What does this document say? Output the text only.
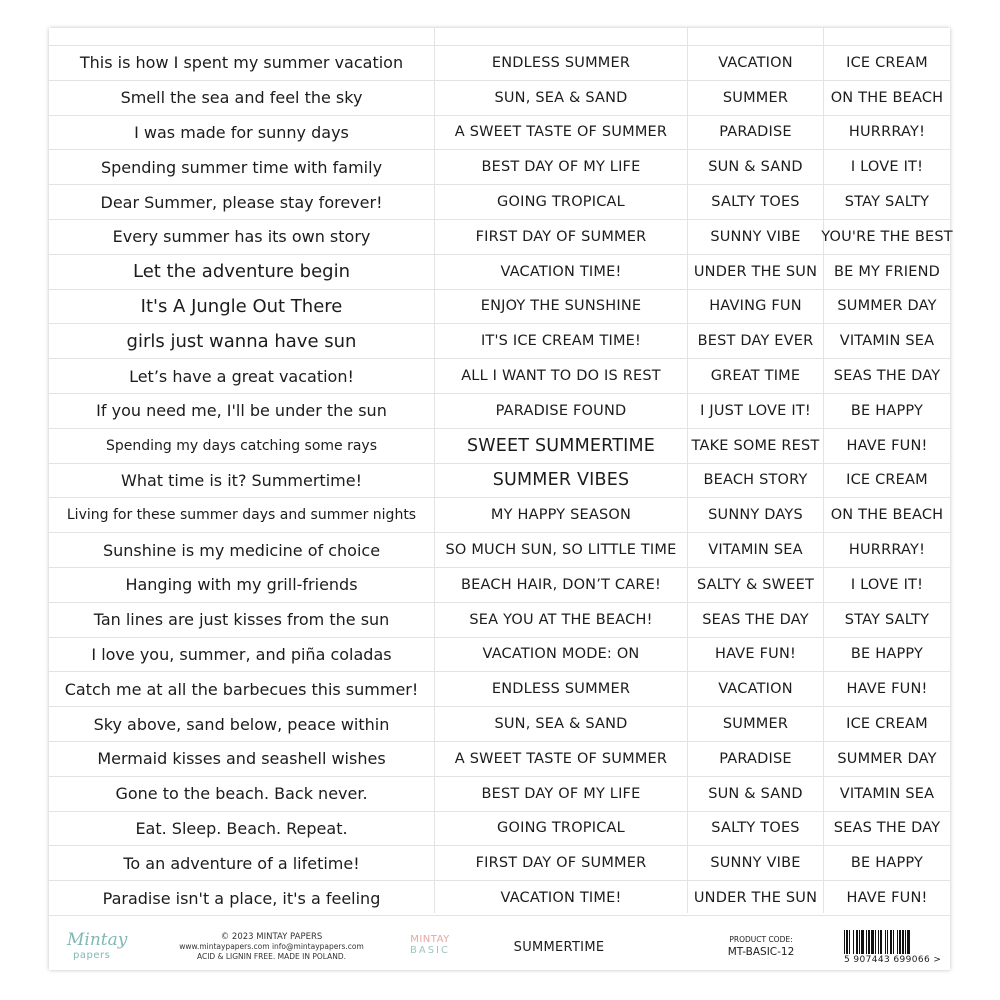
This is how I spent my summer vacation	ENDLESS SUMMER	VACATION	ICE CREAM
Smell the sea and feel the sky	SUN, SEA & SAND	SUMMER	ON THE BEACH
I was made for sunny days	A SWEET TASTE OF SUMMER	PARADISE	HURRRAY!
Spending summer time with family	BEST DAY OF MY LIFE	SUN & SAND	I LOVE IT!
Dear Summer, please stay forever!	GOING TROPICAL	SALTY TOES	STAY SALTY
Every summer has its own story	FIRST DAY OF SUMMER	SUNNY VIBE	YOU'RE THE BEST
Let the adventure begin	VACATION TIME!	UNDER THE SUN	BE MY FRIEND
It's A Jungle Out There	ENJOY THE SUNSHINE	HAVING FUN	SUMMER DAY
girls just wanna have sun	IT'S ICE CREAM TIME!	BEST DAY EVER	VITAMIN SEA
Let’s have a great vacation!	ALL I WANT TO DO IS REST	GREAT TIME	SEAS THE DAY
If you need me, I'll be under the sun	PARADISE FOUND	I JUST LOVE IT!	BE HAPPY
Spending my days catching some rays	SWEET SUMMERTIME	TAKE SOME REST	HAVE FUN!
What time is it? Summertime!	SUMMER VIBES	BEACH STORY	ICE CREAM
Living for these summer days and summer nights	MY HAPPY SEASON	SUNNY DAYS	ON THE BEACH
Sunshine is my medicine of choice	SO MUCH SUN, SO LITTLE TIME	VITAMIN SEA	HURRRAY!
Hanging with my grill-friends	BEACH HAIR, DON’T CARE!	SALTY & SWEET	I LOVE IT!
Tan lines are just kisses from the sun	SEA YOU AT THE BEACH!	SEAS THE DAY	STAY SALTY
I love you, summer, and piña coladas	VACATION MODE: ON	HAVE FUN!	BE HAPPY
Catch me at all the barbecues this summer!	ENDLESS SUMMER	VACATION	HAVE FUN!
Sky above, sand below, peace within	SUN, SEA & SAND	SUMMER	ICE CREAM
Mermaid kisses and seashell wishes	A SWEET TASTE OF SUMMER	PARADISE	SUMMER DAY
Gone to the beach. Back never.	BEST DAY OF MY LIFE	SUN & SAND	VITAMIN SEA
Eat. Sleep. Beach. Repeat.	GOING TROPICAL	SALTY TOES	SEAS THE DAY
To an adventure of a lifetime!	FIRST DAY OF SUMMER	SUNNY VIBE	BE HAPPY
Paradise isn't a place, it's a feeling	VACATION TIME!	UNDER THE SUN	HAVE FUN!
Mintay
papers
© 2023 MINTAY PAPERS
www.mintaypapers.com info@mintaypapers.com
ACID & LIGNIN FREE. MADE IN POLAND.
MINTAY
BASIC	SUMMERTIME
PRODUCT CODE:
MT-BASIC-12
5 907443 699066 >
